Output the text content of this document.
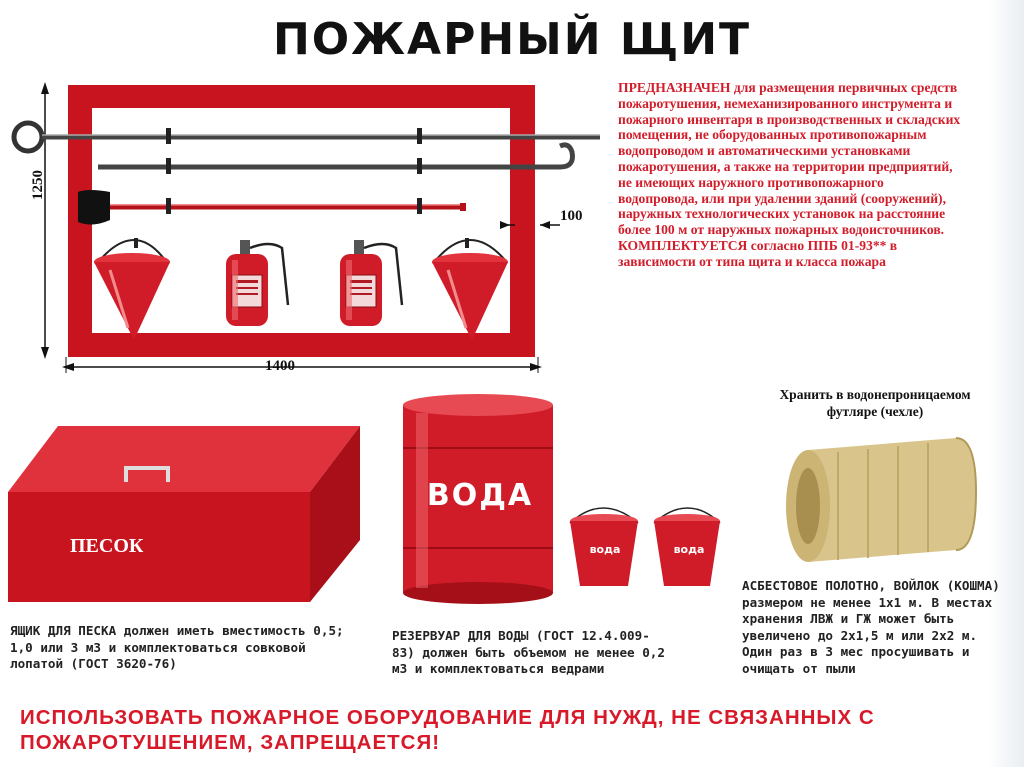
ПОЖАРНЫЙ ЩИТ
1250
1400
100
ПРЕДНАЗНАЧЕН для размещения первичных средств пожаротушения, немеханизированного инструмента и пожарного инвентаря в производственных и складских помещения, не оборудованных противопожарным водопроводом и автоматическими установками пожаротушения, а также на территории предприятий, не имеющих наружного противопожарного водопровода, или при удалении зданий (сооружений), наружных технологических установок на расстояние более 100 м от наружных пожарных водоисточников.
КОМПЛЕКТУЕТСЯ согласно ППБ 01-93** в зависимости от типа щита и класса пожара
Хранить в водонепроницаемом футляре (чехле)
ПЕСОК
ЯЩИК ДЛЯ ПЕСКА должен иметь вместимость 0,5; 1,0 или 3 м3 и комплектоваться совковой лопатой (ГОСТ 3620-76)
ВОДА
вода	вода
РЕЗЕРВУАР ДЛЯ ВОДЫ (ГОСТ 12.4.009-83) должен быть объемом не менее 0,2 м3 и комплектоваться ведрами
АСБЕСТОВОЕ ПОЛОТНО, ВОЙЛОК (КОШМА) размером не менее 1х1 м. В местах хранения ЛВЖ и ГЖ может быть увеличено до 2х1,5 м или 2х2 м. Один раз в 3 мес просушивать и очищать от пыли
ИСПОЛЬЗОВАТЬ ПОЖАРНОЕ ОБОРУДОВАНИЕ ДЛЯ НУЖД, НЕ СВЯЗАННЫХ С ПОЖАРОТУШЕНИЕМ, ЗАПРЕЩАЕТСЯ!
